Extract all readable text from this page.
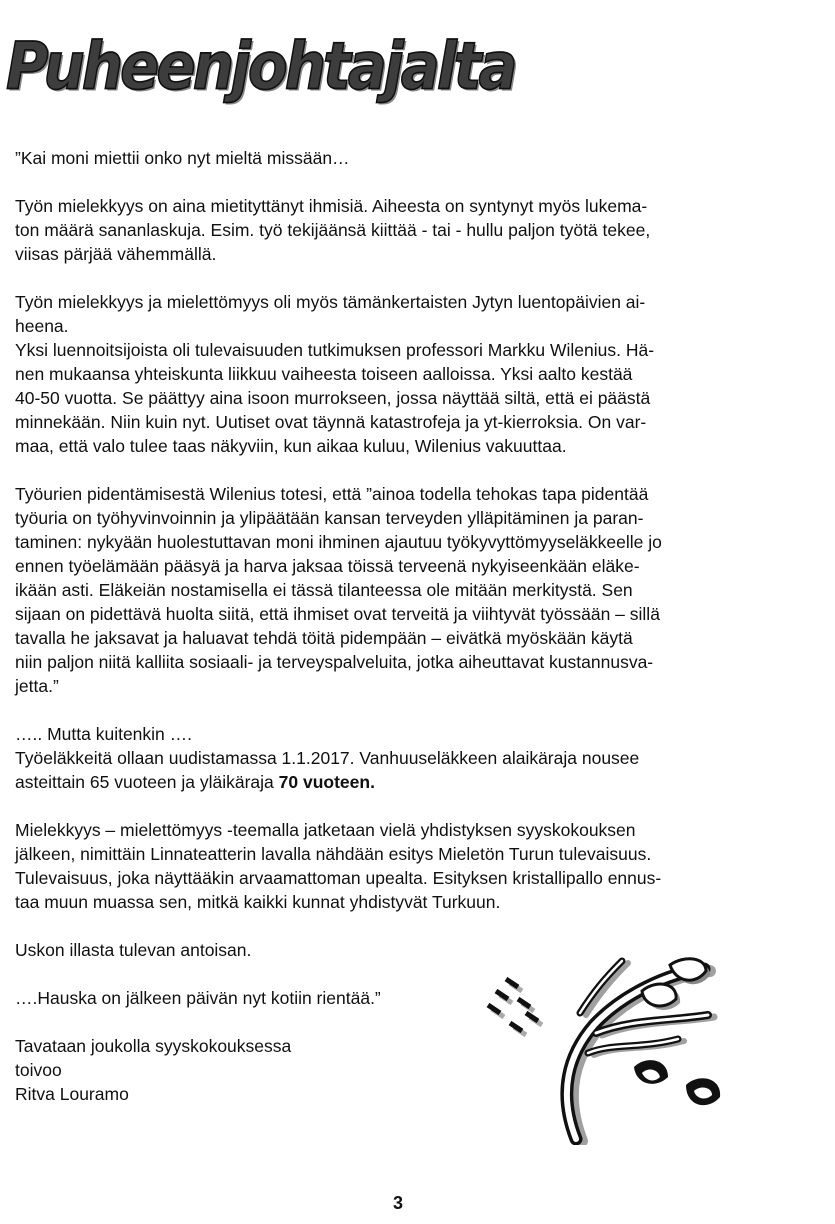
Puheenjohtajalta
”Kai moni miettii onko nyt mieltä missään…
Työn mielekkyys on aina mietityttänyt ihmisiä. Aiheesta on syntynyt myös lukema-
ton määrä sananlaskuja. Esim. työ tekijäänsä kiittää - tai - hullu paljon työtä tekee,
viisas pärjää vähemmällä.
Työn mielekkyys ja mielettömyys oli myös tämänkertaisten Jytyn luentopäivien ai-
heena.
Yksi luennoitsijoista oli tulevaisuuden tutkimuksen professori Markku Wilenius. Hä-
nen mukaansa yhteiskunta liikkuu vaiheesta toiseen aalloissa. Yksi aalto kestää
40-50 vuotta. Se päättyy aina isoon murrokseen, jossa näyttää siltä, että ei päästä
minnekään. Niin kuin nyt. Uutiset ovat täynnä katastrofeja ja yt-kierroksia. On var-
maa, että valo tulee taas näkyviin, kun aikaa kuluu, Wilenius vakuuttaa.
Työurien pidentämisestä Wilenius totesi, että ”ainoa todella tehokas tapa pidentää
työuria on työhyvinvoinnin ja ylipäätään kansan terveyden ylläpitäminen ja paran-
taminen: nykyään huolestuttavan moni ihminen ajautuu työkyvyttömyyseläkkeelle jo
ennen työelämään pääsyä ja harva jaksaa töissä terveenä nykyiseenkään eläke-
ikään asti. Eläkeiän nostamisella ei tässä tilanteessa ole mitään merkitystä. Sen
sijaan on pidettävä huolta siitä, että ihmiset ovat terveitä ja viihtyvät työssään – sillä
tavalla he jaksavat ja haluavat tehdä töitä pidempään – eivätkä myöskään käytä
niin paljon niitä kalliita sosiaali- ja terveyspalveluita, jotka aiheuttavat kustannusva-
jetta.”
….. Mutta kuitenkin ….
Työeläkkeitä ollaan uudistamassa 1.1.2017. Vanhuuseläkkeen alaikäraja nousee
asteittain 65 vuoteen ja yläikäraja 70 vuoteen.
Mielekkyys – mielettömyys -teemalla jatketaan vielä yhdistyksen syyskokouksen
jälkeen, nimittäin Linnateatterin lavalla nähdään esitys Mieletön Turun tulevaisuus.
Tulevaisuus, joka näyttääkin arvaamattoman upealta. Esityksen kristallipallo ennus-
taa muun muassa sen, mitkä kaikki kunnat yhdistyvät Turkuun.
Uskon illasta tulevan antoisan.
….Hauska on jälkeen päivän nyt kotiin rientää.”
Tavataan joukolla syyskokouksessa
toivoo
Ritva Louramo
3
